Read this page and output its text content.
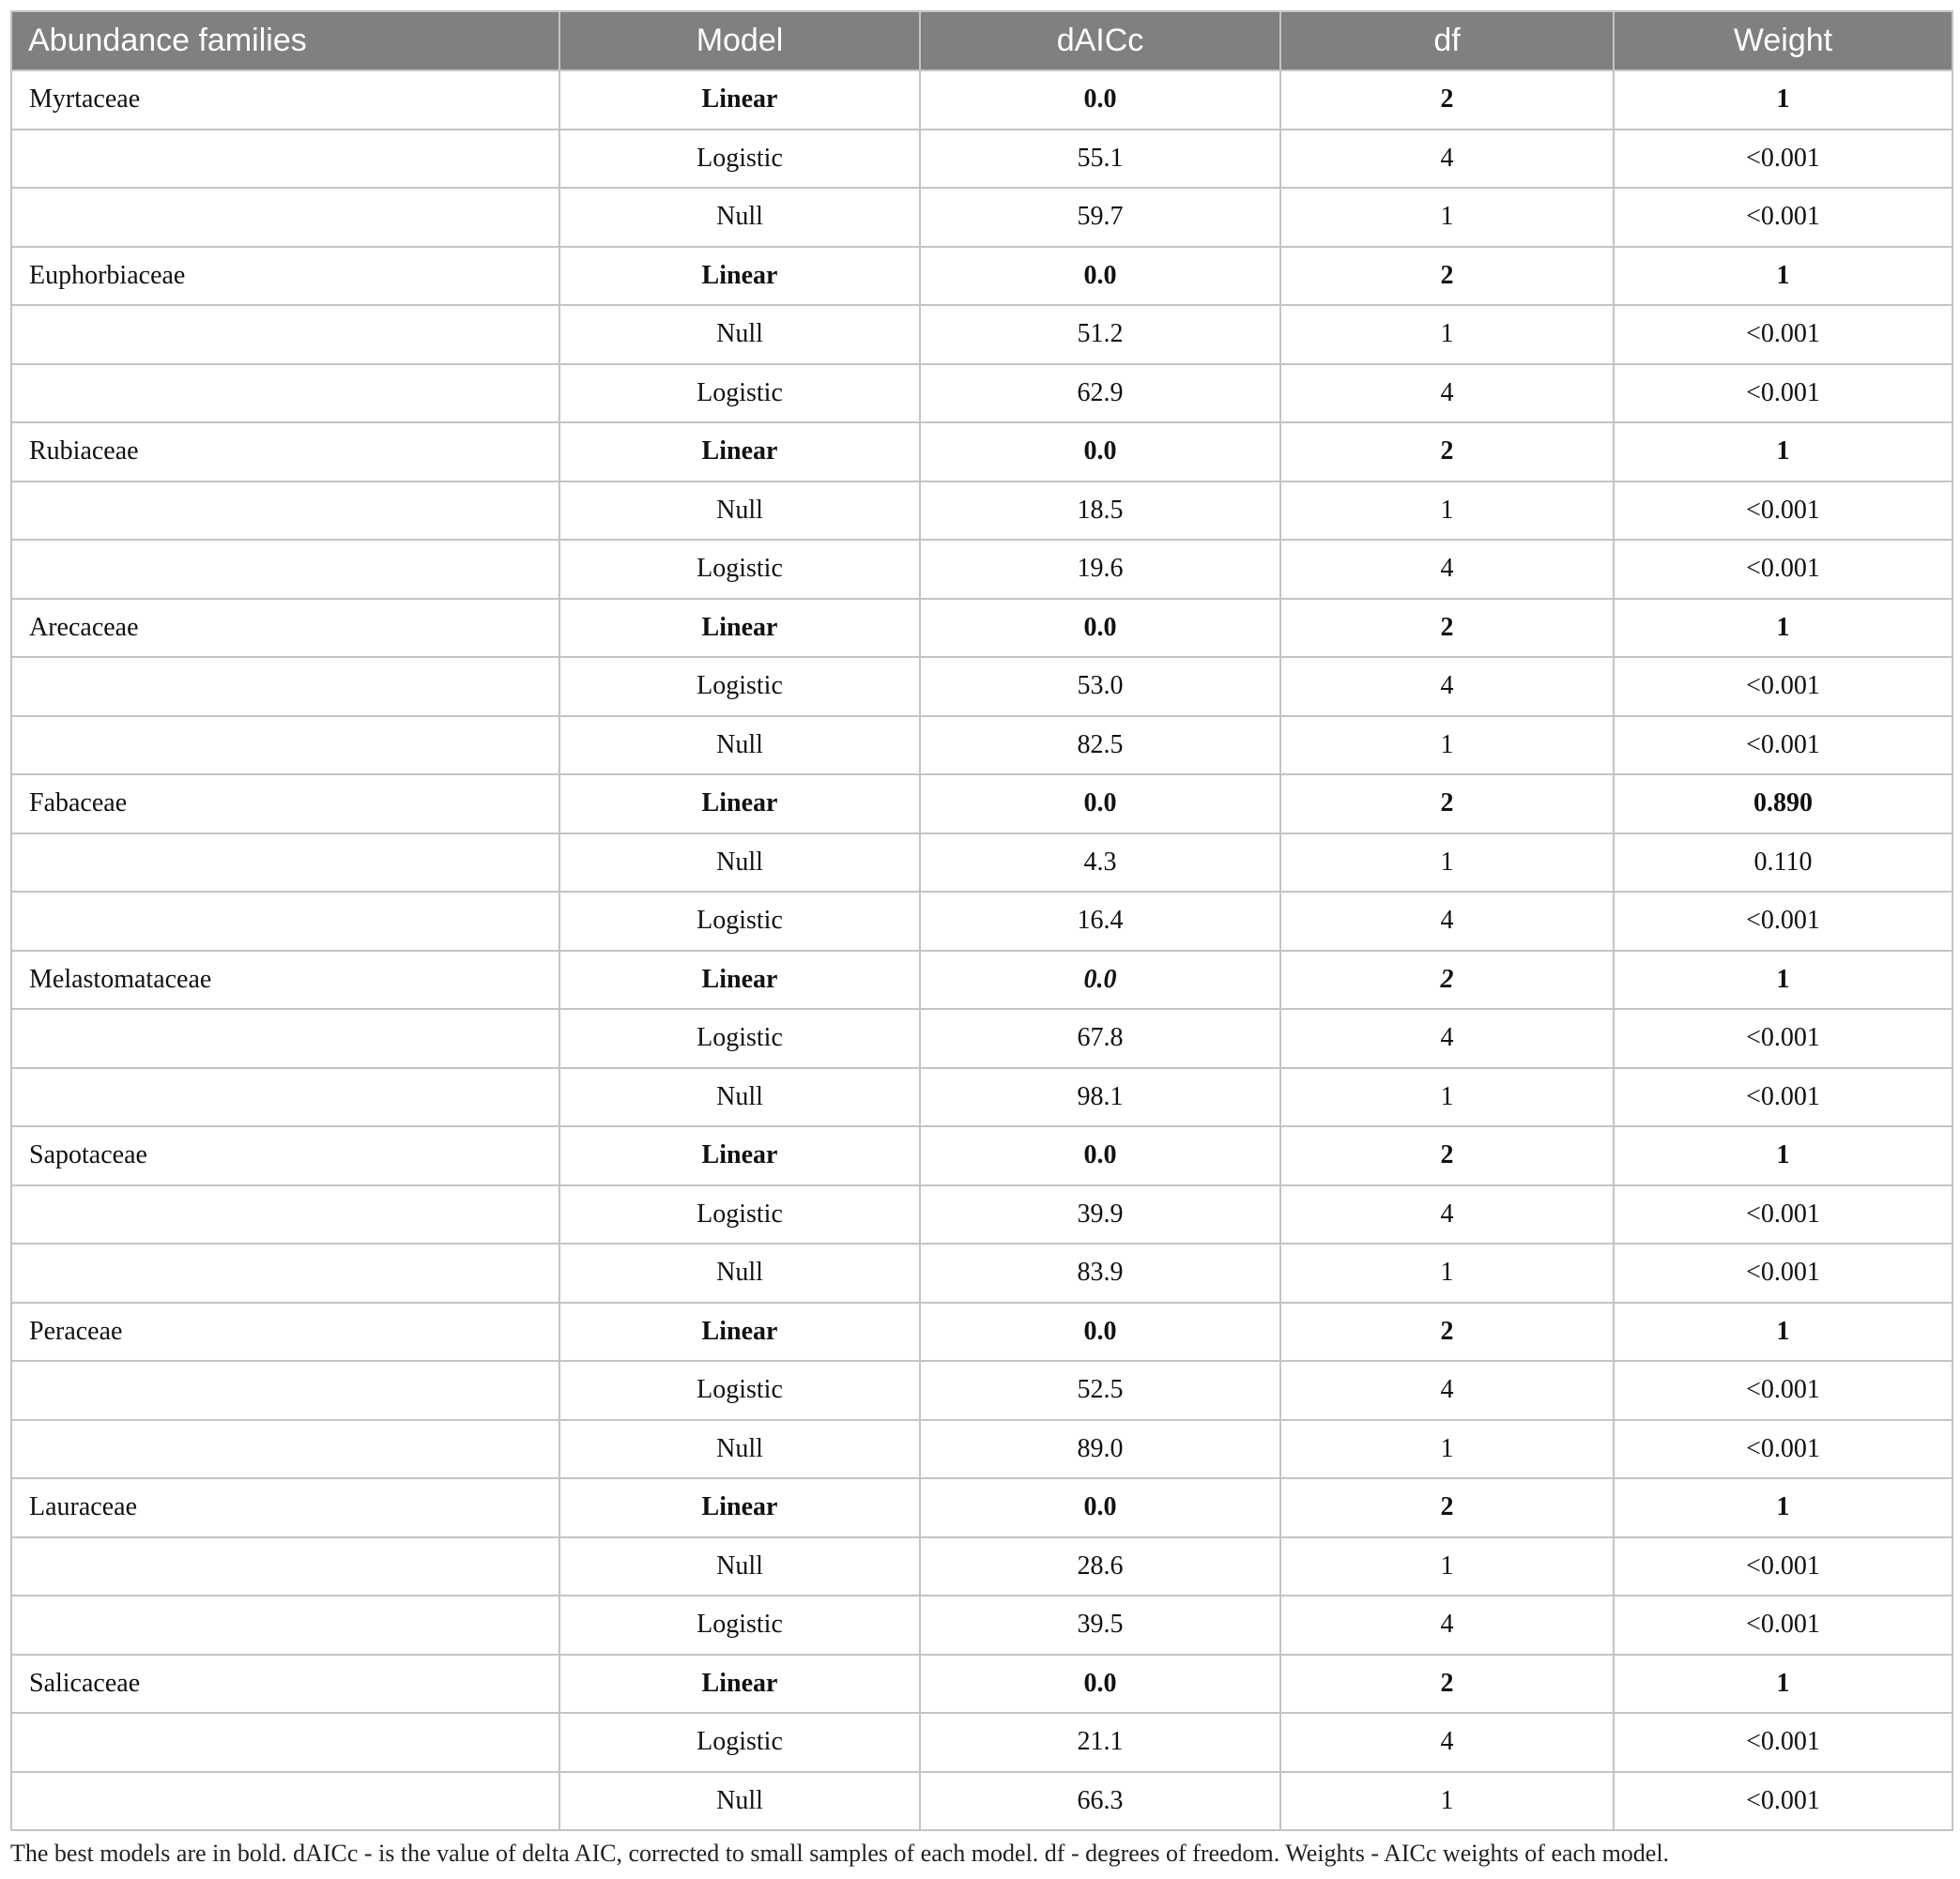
Abundance families	Model	dAICc	df	Weight
Myrtaceae	Linear	0.0	2	1
	Logistic	55.1	4	<0.001
	Null	59.7	1	<0.001
Euphorbiaceae	Linear	0.0	2	1
	Null	51.2	1	<0.001
	Logistic	62.9	4	<0.001
Rubiaceae	Linear	0.0	2	1
	Null	18.5	1	<0.001
	Logistic	19.6	4	<0.001
Arecaceae	Linear	0.0	2	1
	Logistic	53.0	4	<0.001
	Null	82.5	1	<0.001
Fabaceae	Linear	0.0	2	0.890
	Null	4.3	1	0.110
	Logistic	16.4	4	<0.001
Melastomataceae	Linear	0.0	2	1
	Logistic	67.8	4	<0.001
	Null	98.1	1	<0.001
Sapotaceae	Linear	0.0	2	1
	Logistic	39.9	4	<0.001
	Null	83.9	1	<0.001
Peraceae	Linear	0.0	2	1
	Logistic	52.5	4	<0.001
	Null	89.0	1	<0.001
Lauraceae	Linear	0.0	2	1
	Null	28.6	1	<0.001
	Logistic	39.5	4	<0.001
Salicaceae	Linear	0.0	2	1
	Logistic	21.1	4	<0.001
	Null	66.3	1	<0.001
The best models are in bold. dAICc - is the value of delta AIC, corrected to small samples of each model. df - degrees of freedom. Weights - AICc weights of each model.
